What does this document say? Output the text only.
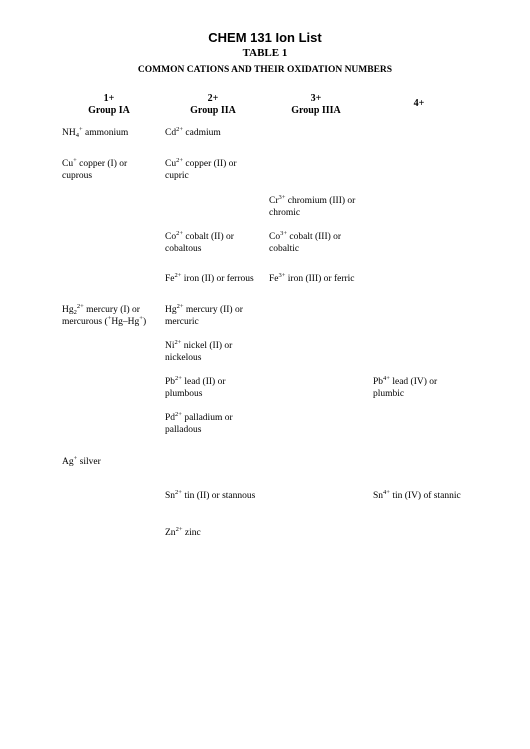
CHEM 131 Ion List
TABLE 1
COMMON CATIONS AND THEIR OXIDATION NUMBERS
1+
Group IA
2+
Group IIA
3+
Group IIIA
4+
$NH_4^+$ ammonium
Cu+ copper (I) or
cuprous
$Hg_2^{2+}$ mercury (I) or
mercurous (+Hg–Hg+)
Ag+ silver
$Cd^{2+}$ cadmium
$Cu^{2+}$ copper (II) or
cupric
$Co^{2+}$ cobalt (II) or
cobaltous
$Fe^{2+}$ iron (II) or ferrous
$Hg^{2+}$ mercury (II) or
mercuric
$Ni^{2+}$ nickel (II) or
nickelous
$Pb^{2+}$ lead (II) or
plumbous
$Pd^{2+}$ palladium or
palladous
$Sn^{2+}$ tin (II) or stannous
$Zn^{2+}$ zinc
$Cr^{3+}$ chromium (III) or
chromic
$Co^{3+}$ cobalt (III) or
cobaltic
$Fe^{3+}$ iron (III) or ferric
$Pb^{4+}$ lead (IV) or
plumbic
$Sn^{4+}$ tin (IV) of stannic
